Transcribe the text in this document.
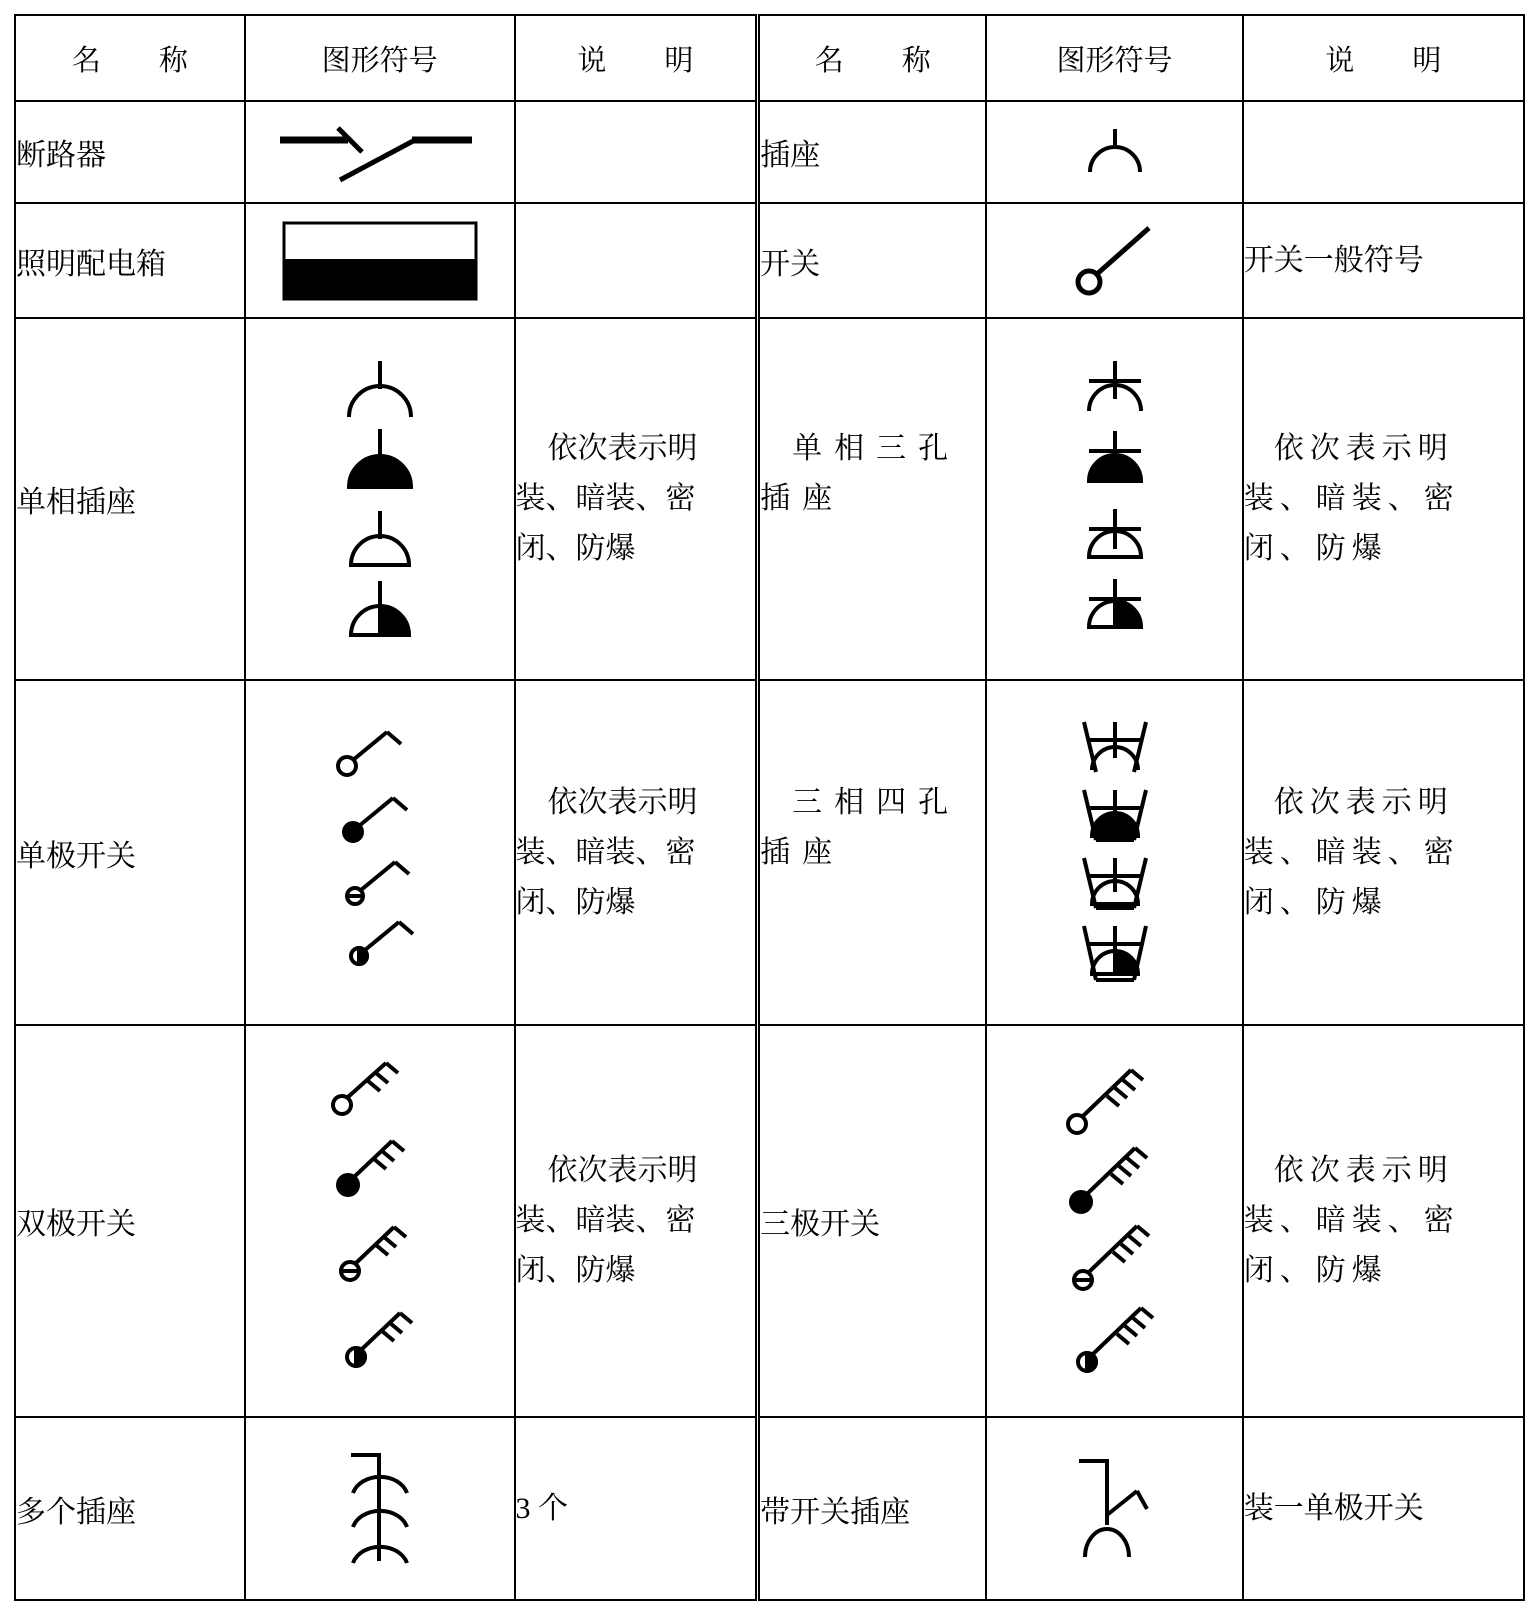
名　　称	图形符号	说　　明	名　　称	图形符号	说　　明
断路器			插座	

照明配电箱			开关		开关一般符号
单相插座		依次表示明装、暗装、密闭、防爆	单相三孔插座		依次表示明装、暗装、密闭、防爆
单极开关		依次表示明装、暗装、密闭、防爆	三相四孔插座		依次表示明装、暗装、密闭、防爆
双极开关		依次表示明装、暗装、密闭、防爆	三极开关		依次表示明装、暗装、密闭、防爆
多个插座		3 个	带开关插座		装一单极开关
